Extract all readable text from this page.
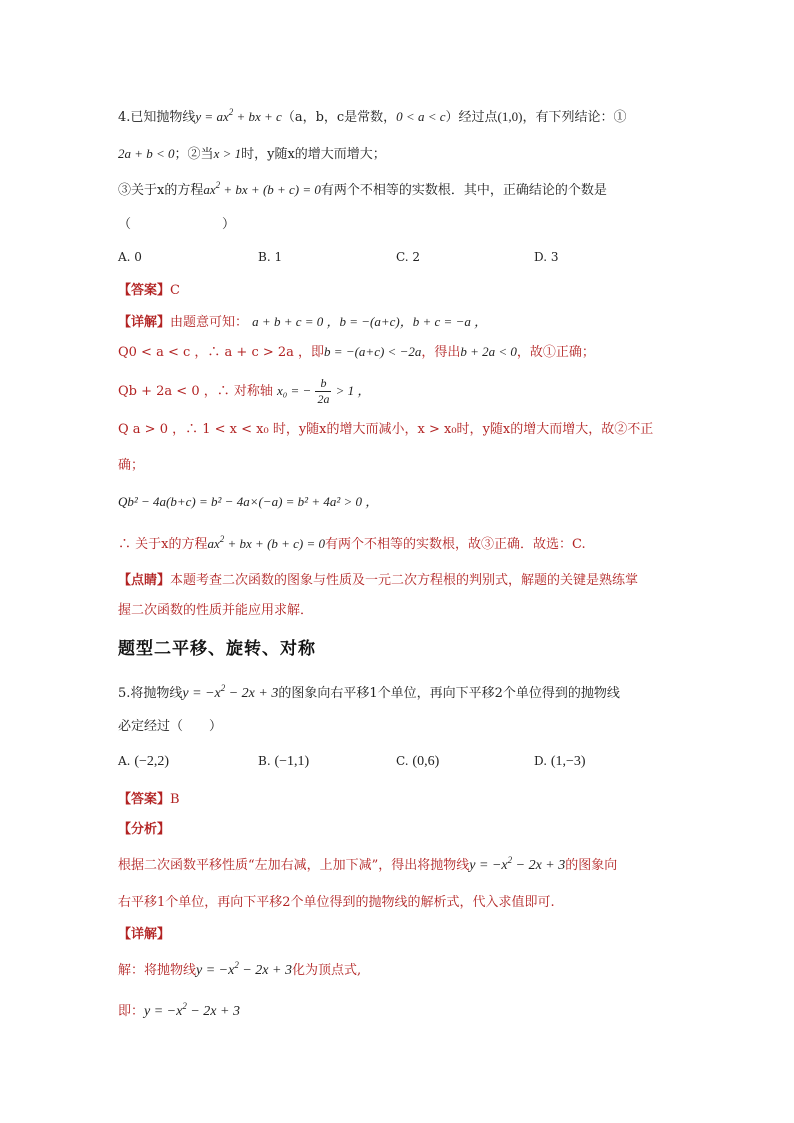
4.已知抛物线$y = ax^2$ + bx + c（a，b，c是常数，0 < a < c）经过点(1,0)，有下列结论：①
2a + b < 0；②当x > 1时，y随x的增大而增大；
③关于x的方程$ax^2$ + bx + (b + c) = 0有两个不相等的实数根．其中，正确结论的个数是
（　　　　　　　）
A. 0	B. 1	C. 2	D. 3
【答案】C
【详解】由题意可知： a + b + c = 0 ，b = −(a+c)，b + c = −a ，
Q0 < a < c ，∴ a + c > 2a ，即b = −(a+c) < −2a，得出b + 2a < 0，故①正确；
Qb + 2a < 0 ，∴ 对称轴 x₀ = − $\frac{b}{2a} > 1$ ，
Q a > 0 ，∴ 1 < x < x₀ 时，y随x的增大而减小，x > x₀时，y随x的增大而增大，故②不正
确；
Qb² − 4a(b+c) = b² − 4a×(−a) = b² + 4a² > 0 ，
∴ 关于x的方程$ax^2$ + bx + (b + c) = 0有两个不相等的实数根，故③正确．故选：C.
【点睛】本题考查二次函数的图象与性质及一元二次方程根的判别式，解题的关键是熟练掌
握二次函数的性质并能应用求解．
题型二平移、旋转、对称
5.将抛物线$y = -x^2 - 2x + 3$的图象向右平移1个单位，再向下平移2个单位得到的抛物线
必定经过（　　）
A. (−2,2)	B. (−1,1)	C. (0,6)	D. (1,−3)
【答案】B
【分析】
根据二次函数平移性质“左加右减，上加下减”，得出将抛物线$y = -x^2 - 2x + 3$的图象向
右平移1个单位，再向下平移2个单位得到的抛物线的解析式，代入求值即可.
【详解】
解：将抛物线$y = -x^2 - 2x + 3$化为顶点式,
即：$y = -x^2 - 2x + 3$
